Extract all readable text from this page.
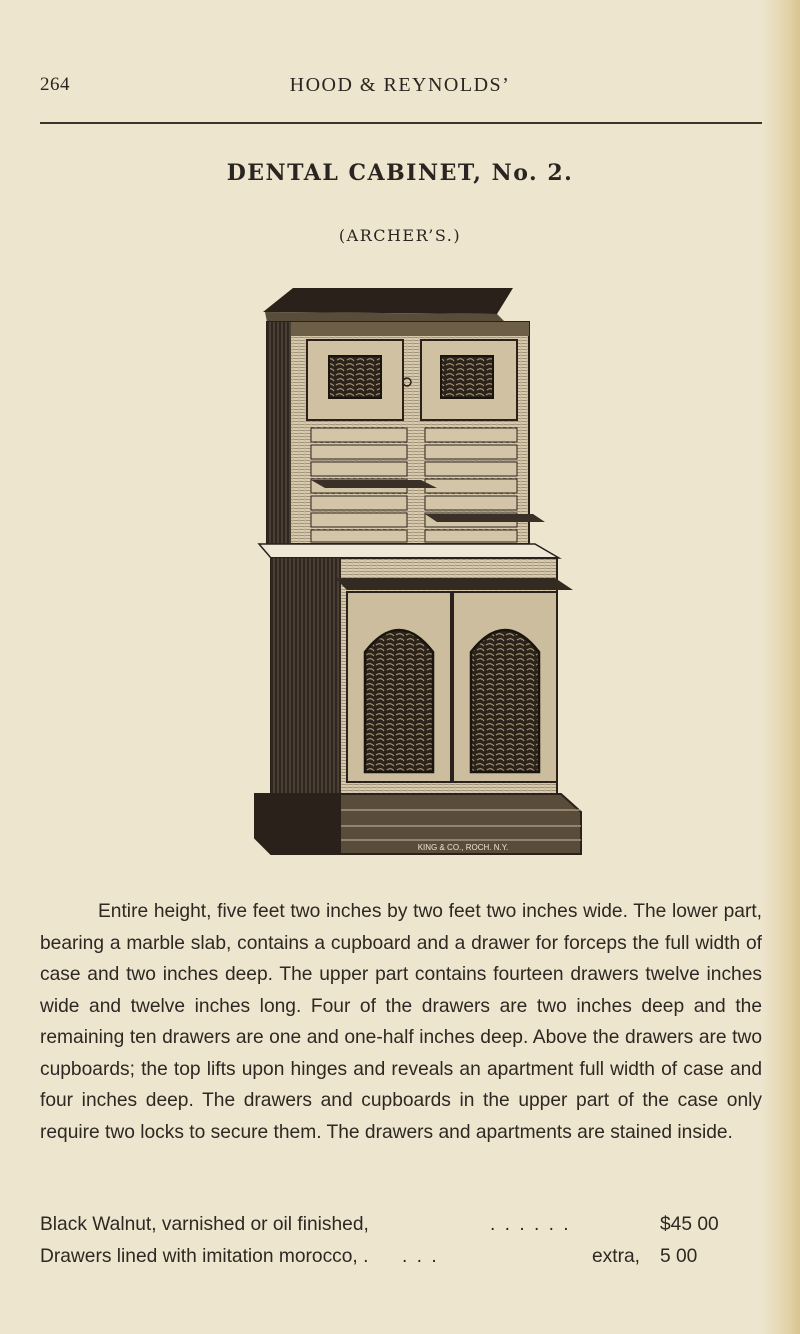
264	HOOD & REYNOLDS’
DENTAL CABINET, No. 2.
(ARCHER’S.)
KING & CO., ROCH. N.Y.

Entire height, five feet two inches by two feet two inches wide. The lower part, bearing a marble slab, contains a cupboard and a drawer for forceps the full width of case and two inches deep. The upper part contains fourteen drawers twelve inches wide and twelve inches long. Four of the drawers are two inches deep and the remaining ten drawers are one and one-half inches deep. Above the drawers are two cupboards; the top lifts upon hinges and reveals an apartment full width of case and four inches deep. The drawers and cupboards in the upper part of the case only require two locks to secure them. The drawers and apartments are stained inside.

Black Walnut, varnished or oil finished,	. . . . . .	$45 00
Drawers lined with imitation morocco, . . . .	extra, 5 00
